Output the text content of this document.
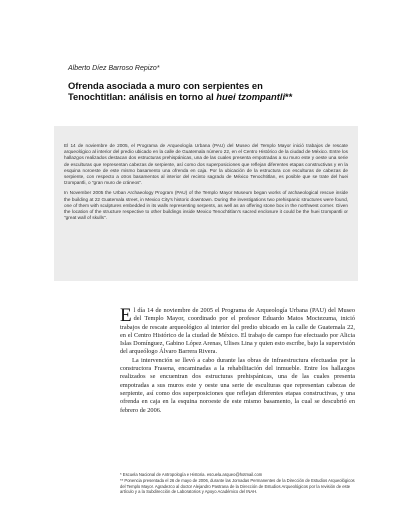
Alberto Díez Barroso Repizo*
Ofrenda asociada a muro con serpientes en
Tenochtitlan: análisis en torno al huei tzompantli**

El 14 de noviembre de 2005, el Programa de Arqueología Urbana (PAU) del Museo del Templo Mayor inició trabajos de rescate arqueológico al interior del predio ubicado en la calle de Guatemala número 22, en el Centro Histórico de la ciudad de México. Entre los hallazgos realizados destacan dos estructuras prehispánicas, una de las cuales presenta empotradas a su muro este y oeste una serie de esculturas que representan cabezas de serpiente, así como dos superposiciones que reflejan diferentes etapas constructivas y en la esquina noroeste de este mismo basamento una ofrenda en caja. Por la ubicación de la estructura con esculturas de cabezas de serpiente, con respecto a otros basamentos al interior del recinto sagrado de México Tenochtitlan, es posible que se trate del huei tzompantli, o "gran muro de cráneos".

In November 2005 the Urban Archaeology Program (PAU) of the Templo Mayor Museum began works of archaeological rescue inside the building at 22 Guatemala street, in Mexico City's historic downtown. During the investigations two prehispanic structures were found, one of them with sculptures embedded in its walls representing serpents, as well as an offering stone box in the northwest corner. Given the location of the structure respective to other buildings inside Mexico Tenochtitlan's sacred enclosure it could be the huei tzompantli or "great wall of skulls".

El día 14 de noviembre de 2005 el Programa de Arqueología Urbana (PAU) del Museo del Templo Mayor, coordinado por el profesor Eduardo Matos Moctezuma, inició trabajos de rescate arqueológico al interior del predio ubicado en la calle de Guatemala 22, en el Centro Histórico de la ciudad de México. El trabajo de campo fue efectuado por Alicia Islas Domínguez, Gabino López Arenas, Ulises Lina y quien esto escribe, bajo la supervisión del arqueólogo Álvaro Barrera Rivera.

La intervención se llevó a cabo durante las obras de infraestructura efectuadas por la constructora Frasena, encaminadas a la rehabilitación del inmueble. Entre los hallazgos realizados se encuentran dos estructuras prehispánicas, una de las cuales presenta empotradas a sus muros este y oeste una serie de esculturas que representan cabezas de serpiente, así como dos superposiciones que reflejan diferentes etapas constructivas, y una ofrenda en caja en la esquina noroeste de este mismo basamento, la cual se descubrió en febrero de 2006.

* Escuela Nacional de Antropología e Historia. escuela.arqueo@hotmail.com

** Ponencia presentada el 26 de mayo de 2006, durante las Jornadas Permanentes de la Dirección de Estudios Arqueológicos del Templo Mayor. Agradezco al doctor Alejandro Pastrana de la Dirección de Estudios Arqueológicos por la revisión de este artículo y a la Subdirección de Laboratorios y Apoyo Académico del INAH.
